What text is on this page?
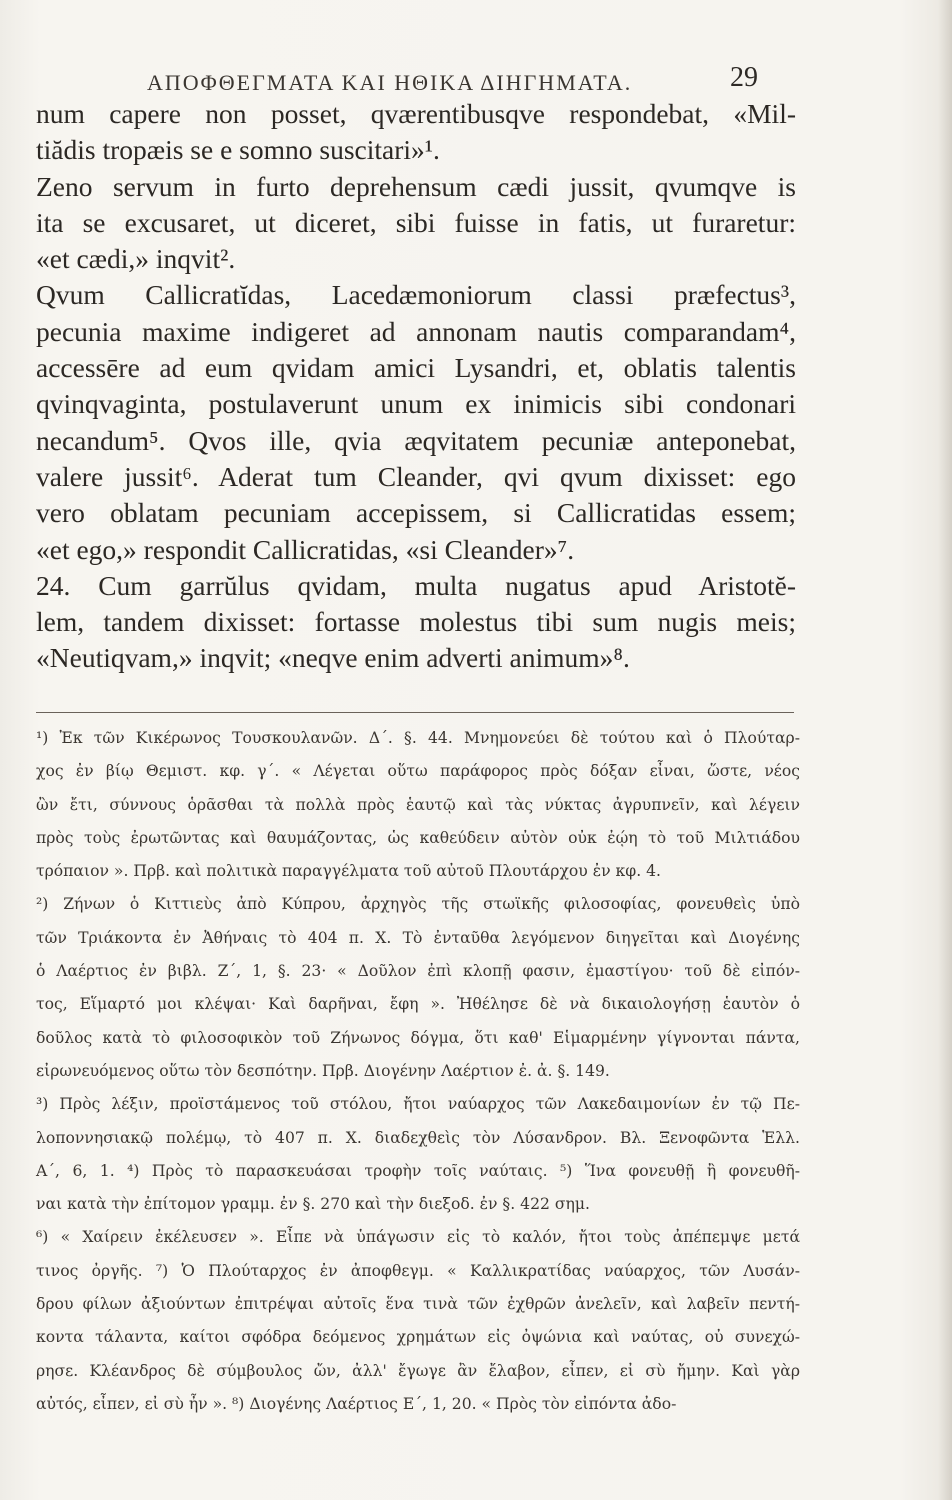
ΑΠΟΦΘΕΓΜΑΤΑ ΚΑΙ ΗΘΙΚΑ ΔΙΗΓΗΜΑΤΑ.	29
num capere non posset, qværentibusqve respondebat, «Mil-
tiădis tropæis se e somno suscitari»¹.
Zeno servum in furto deprehensum cædi jussit, qvumqve is
ita se excusaret, ut diceret, sibi fuisse in fatis, ut furaretur:
«et cædi,» inqvit².
Qvum Callicratĭdas, Lacedæmoniorum classi præfectus³,
pecunia maxime indigeret ad annonam nautis comparandam⁴,
accessēre ad eum qvidam amici Lysandri, et, oblatis talentis
qvinqvaginta, postulaverunt unum ex inimicis sibi condonari
necandum⁵. Qvos ille, qvia æqvitatem pecuniæ anteponebat,
valere jussit⁶. Aderat tum Cleander, qvi qvum dixisset: ego
vero oblatam pecuniam accepissem, si Callicratidas essem;
«et ego,» respondit Callicratidas, «si Cleander»⁷.
24. Cum garrŭlus qvidam, multa nugatus apud Aristotĕ-
lem, tandem dixisset: fortasse molestus tibi sum nugis meis;
«Neutiqvam,» inqvit; «neqve enim adverti animum»⁸.
¹) Ἐκ τῶν Κικέρωνος Τουσκουλανῶν. Δ΄. §. 44. Μνημονεύει δὲ τούτου καὶ ὁ Πλούταρ-
χος ἐν βίῳ Θεμιστ. κφ. γ΄. « Λέγεται οὕτω παράφορος πρὸς δόξαν εἶναι, ὥστε, νέος
ὢν ἔτι, σύννους ὁρᾶσθαι τὰ πολλὰ πρὸς ἑαυτῷ καὶ τὰς νύκτας ἀγρυπνεῖν, καὶ λέγειν
πρὸς τοὺς ἐρωτῶντας καὶ θαυμάζοντας, ὡς καθεύδειν αὐτὸν οὐκ ἐῴη τὸ τοῦ Μιλτιάδου
τρόπαιον ». Πρβ. καὶ πολιτικὰ παραγγέλματα τοῦ αὐτοῦ Πλουτάρχου ἐν κφ. 4.
²) Ζήνων ὁ Κιττιεὺς ἀπὸ Κύπρου, ἀρχηγὸς τῆς στωϊκῆς φιλοσοφίας, φονευθεὶς ὑπὸ
τῶν Τριάκοντα ἐν Ἀθήναις τὸ 404 π. Χ. Τὸ ἐνταῦθα λεγόμενον διηγεῖται καὶ Διογένης
ὁ Λαέρτιος ἐν βιβλ. Ζ΄, 1, §. 23· « Δοῦλον ἐπὶ κλοπῇ φασιν, ἐμαστίγου· τοῦ δὲ εἰπόν-
τος, Εἵμαρτό μοι κλέψαι· Καὶ δαρῆναι, ἔφη ». Ἠθέλησε δὲ νὰ δικαιολογήσῃ ἑαυτὸν ὁ
δοῦλος κατὰ τὸ φιλοσοφικὸν τοῦ Ζήνωνος δόγμα, ὅτι καθ' Εἱμαρμένην γίγνονται πάντα,
εἰρωνευόμενος οὕτω τὸν δεσπότην. Πρβ. Διογένην Λαέρτιον ἐ. ἀ. §. 149.
³) Πρὸς λέξιν, προϊστάμενος τοῦ στόλου, ἤτοι ναύαρχος τῶν Λακεδαιμονίων ἐν τῷ Πε-
λοποννησιακῷ πολέμῳ, τὸ 407 π. Χ. διαδεχθεὶς τὸν Λύσανδρον. Βλ. Ξενοφῶντα Ἑλλ.
Α΄, 6, 1. ⁴) Πρὸς τὸ παρασκευάσαι τροφὴν τοῖς ναύταις. ⁵) Ἵνα φονευθῇ ἢ φονευθῆ-
ναι κατὰ τὴν ἐπίτομον γραμμ. ἐν §. 270 καὶ τὴν διεξοδ. ἐν §. 422 σημ.
⁶) « Χαίρειν ἐκέλευσεν ». Εἶπε νὰ ὑπάγωσιν εἰς τὸ καλόν, ἤτοι τοὺς ἀπέπεμψε μετά
τινος ὀργῆς. ⁷) Ὁ Πλούταρχος ἐν ἀποφθεγμ. « Καλλικρατίδας ναύαρχος, τῶν Λυσάν-
δρου φίλων ἀξιούντων ἐπιτρέψαι αὐτοῖς ἕνα τινὰ τῶν ἐχθρῶν ἀνελεῖν, καὶ λαβεῖν πεντή-
κοντα τάλαντα, καίτοι σφόδρα δεόμενος χρημάτων εἰς ὀψώνια καὶ ναύτας, οὐ συνεχώ-
ρησε. Κλέανδρος δὲ σύμβουλος ὤν, ἀλλ' ἔγωγε ἂν ἔλαβον, εἶπεν, εἰ σὺ ἤμην. Καὶ γὰρ
αὐτός, εἶπεν, εἰ σὺ ἦν ». ⁸) Διογένης Λαέρτιος Ε΄, 1, 20. « Πρὸς τὸν εἰπόντα ἀδο-
